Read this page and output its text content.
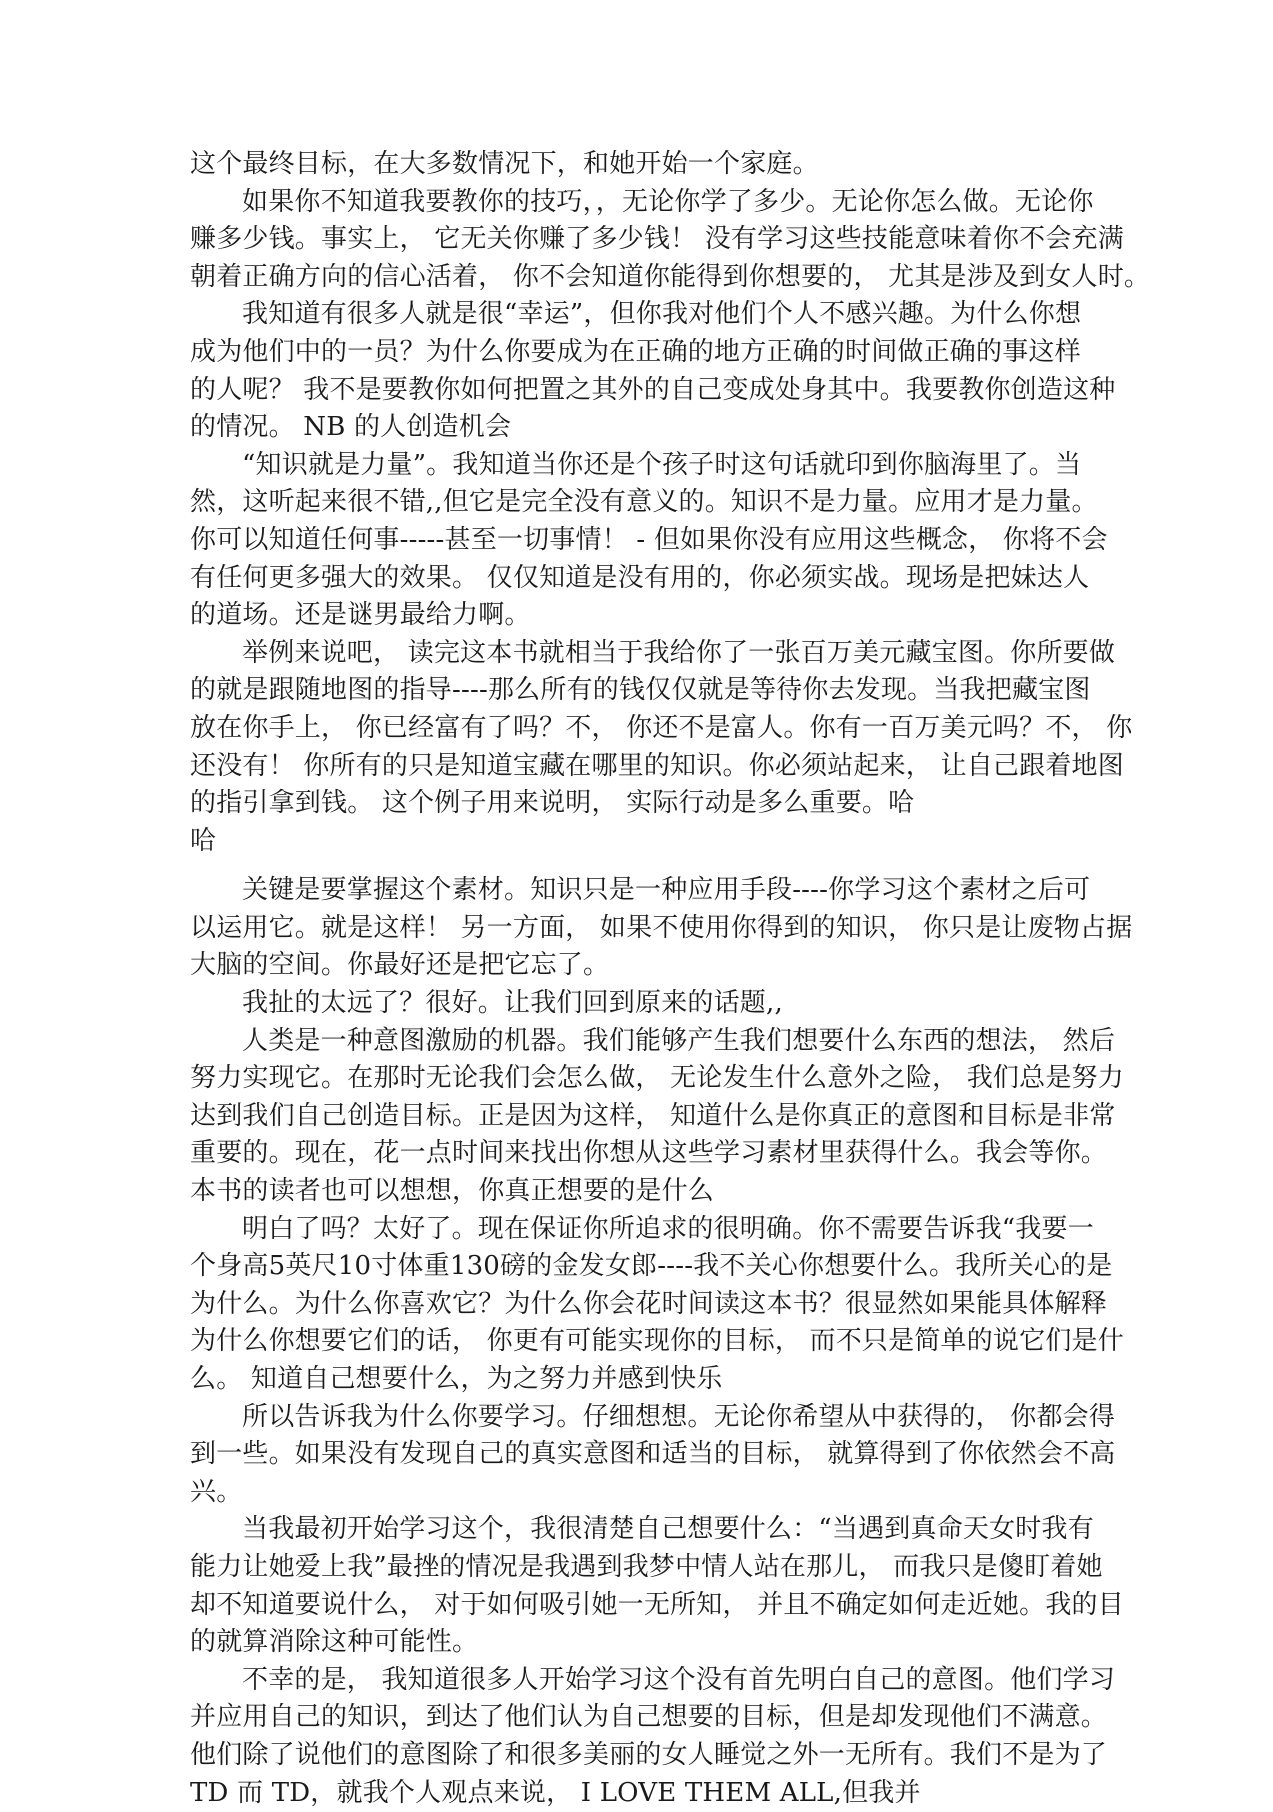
这个最终目标，在大多数情况下，和她开始一个家庭。
如果你不知道我要教你的技巧，，无论你学了多少。无论你怎么做。无论你
赚多少钱。事实上， 它无关你赚了多少钱！ 没有学习这些技能意味着你不会充满
朝着正确方向的信心活着， 你不会知道你能得到你想要的， 尤其是涉及到女人时。
我知道有很多人就是很“幸运”，但你我对他们个人不感兴趣。为什么你想
成为他们中的一员？为什么你要成为在正确的地方正确的时间做正确的事这样
的人呢？ 我不是要教你如何把置之其外的自己变成处身其中。我要教你创造这种
的情况。 NB 的人创造机会
“知识就是力量”。我知道当你还是个孩子时这句话就印到你脑海里了。当
然，这听起来很不错,,但它是完全没有意义的。知识不是力量。应用才是力量。
你可以知道任何事-----甚至一切事情！ - 但如果你没有应用这些概念， 你将不会
有任何更多强大的效果。 仅仅知道是没有用的，你必须实战。现场是把妹达人
的道场。还是谜男最给力啊。
举例来说吧， 读完这本书就相当于我给你了一张百万美元藏宝图。你所要做
的就是跟随地图的指导----那么所有的钱仅仅就是等待你去发现。当我把藏宝图
放在你手上， 你已经富有了吗？不， 你还不是富人。你有一百万美元吗？不， 你
还没有！ 你所有的只是知道宝藏在哪里的知识。你必须站起来， 让自己跟着地图
的指引拿到钱。 这个例子用来说明， 实际行动是多么重要。哈
哈
关键是要掌握这个素材。知识只是一种应用手段----你学习这个素材之后可
以运用它。就是这样！ 另一方面， 如果不使用你得到的知识， 你只是让废物占据
大脑的空间。你最好还是把它忘了。
我扯的太远了？很好。让我们回到原来的话题,,
人类是一种意图激励的机器。我们能够产生我们想要什么东西的想法， 然后
努力实现它。在那时无论我们会怎么做， 无论发生什么意外之险， 我们总是努力
达到我们自己创造目标。正是因为这样， 知道什么是你真正的意图和目标是非常
重要的。现在，花一点时间来找出你想从这些学习素材里获得什么。我会等你。
本书的读者也可以想想，你真正想要的是什么
明白了吗？太好了。现在保证你所追求的很明确。你不需要告诉我“我要一
个身高5英尺10寸体重130磅的金发女郎----我不关心你想要什么。我所关心的是
为什么。为什么你喜欢它？为什么你会花时间读这本书？很显然如果能具体解释
为什么你想要它们的话， 你更有可能实现你的目标， 而不只是简单的说它们是什
么。 知道自己想要什么，为之努力并感到快乐
所以告诉我为什么你要学习。仔细想想。无论你希望从中获得的， 你都会得
到一些。如果没有发现自己的真实意图和适当的目标， 就算得到了你依然会不高
兴。
当我最初开始学习这个，我很清楚自己想要什么：“当遇到真命天女时我有
能力让她爱上我”最挫的情况是我遇到我梦中情人站在那儿， 而我只是傻盯着她
却不知道要说什么， 对于如何吸引她一无所知， 并且不确定如何走近她。我的目
的就算消除这种可能性。
不幸的是， 我知道很多人开始学习这个没有首先明白自己的意图。他们学习
并应用自己的知识，到达了他们认为自己想要的目标，但是却发现他们不满意。
他们除了说他们的意图除了和很多美丽的女人睡觉之外一无所有。我们不是为了
TD 而 TD，就我个人观点来说， I LOVE THEM ALL,但我并
